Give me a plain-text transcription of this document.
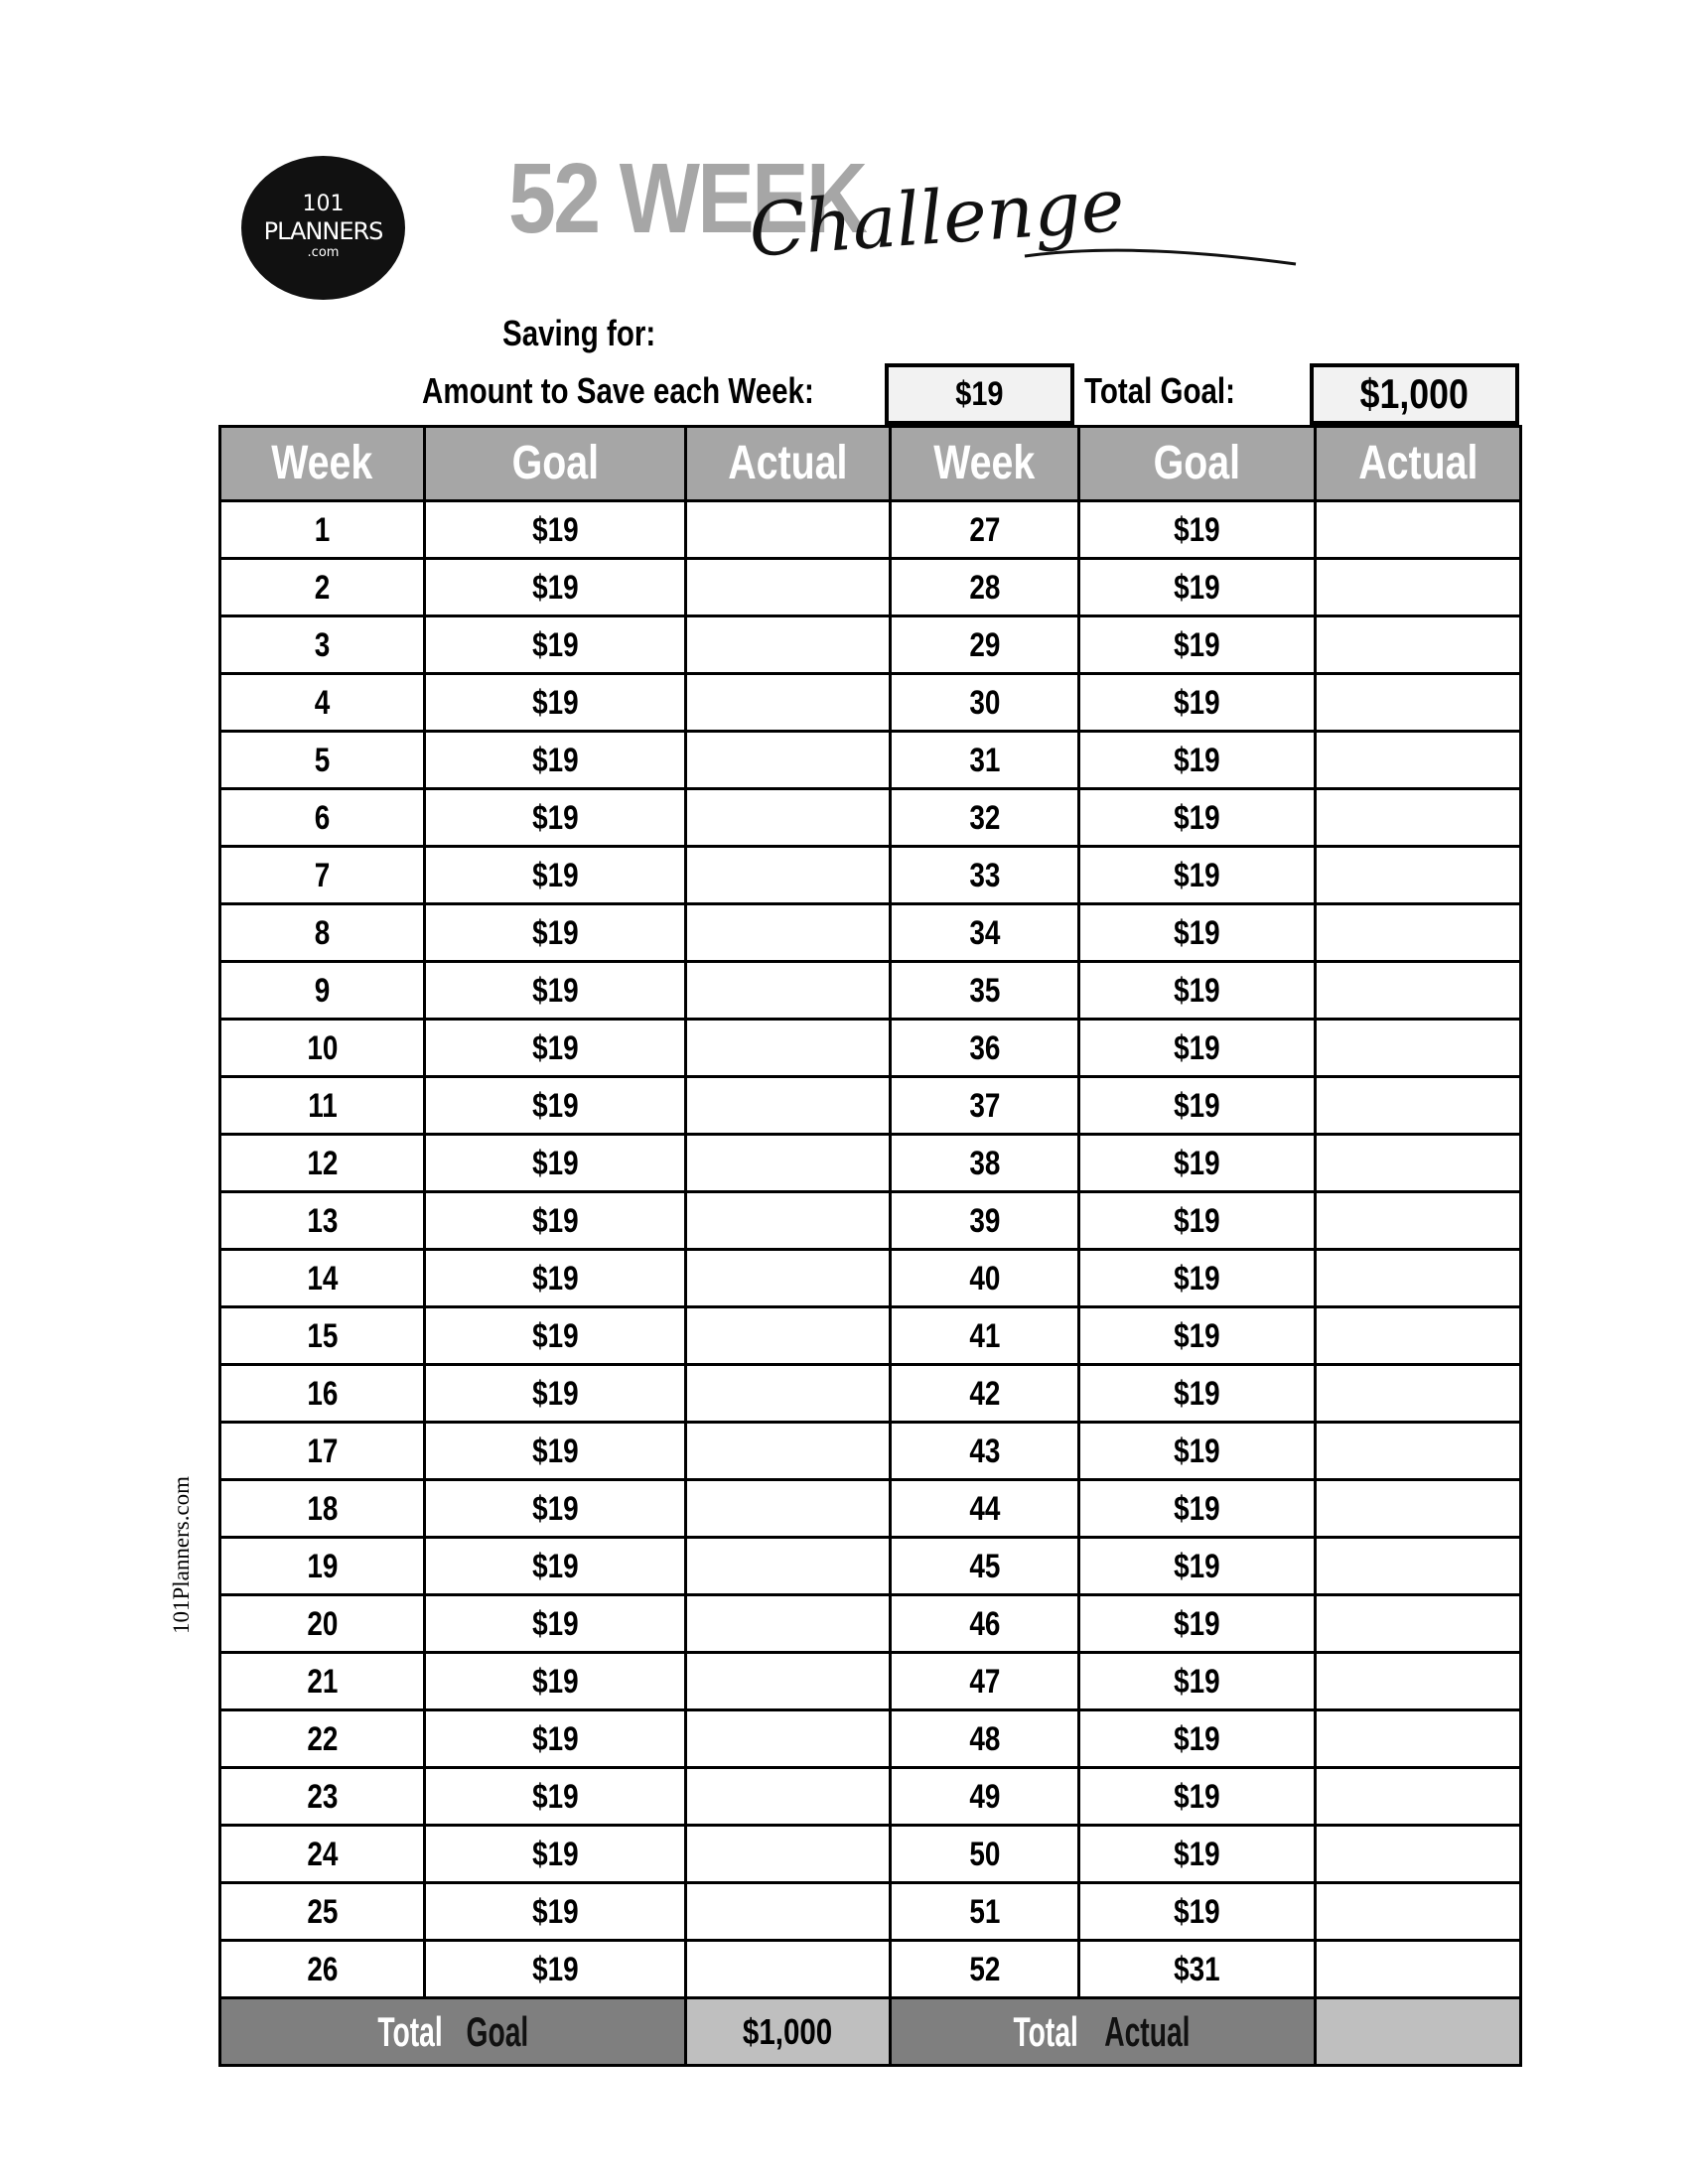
101
PLANNERS
.com	52 WEEK
Challenge
101Planners.com
Saving for:
Amount to Save each Week:	$19 Total Goal:	$1,000
Week	Goal	Actual	Week	Goal	Actual
1	$19		27	$19	
2	$19		28	$19	
3	$19		29	$19	
4	$19		30	$19	
5	$19		31	$19	
6	$19		32	$19	
7	$19		33	$19	
8	$19		34	$19	
9	$19		35	$19	
10	$19		36	$19	
11	$19		37	$19	
12	$19		38	$19	
13	$19		39	$19	
14	$19		40	$19	
15	$19		41	$19	
16	$19		42	$19	
17	$19		43	$19	
18	$19		44	$19	
19	$19		45	$19	
20	$19		46	$19	
21	$19		47	$19	
22	$19		48	$19	
23	$19		49	$19	
24	$19		50	$19	
25	$19		51	$19	
26	$19		52	$31	
Total Goal		$1,000	Total Actual		
